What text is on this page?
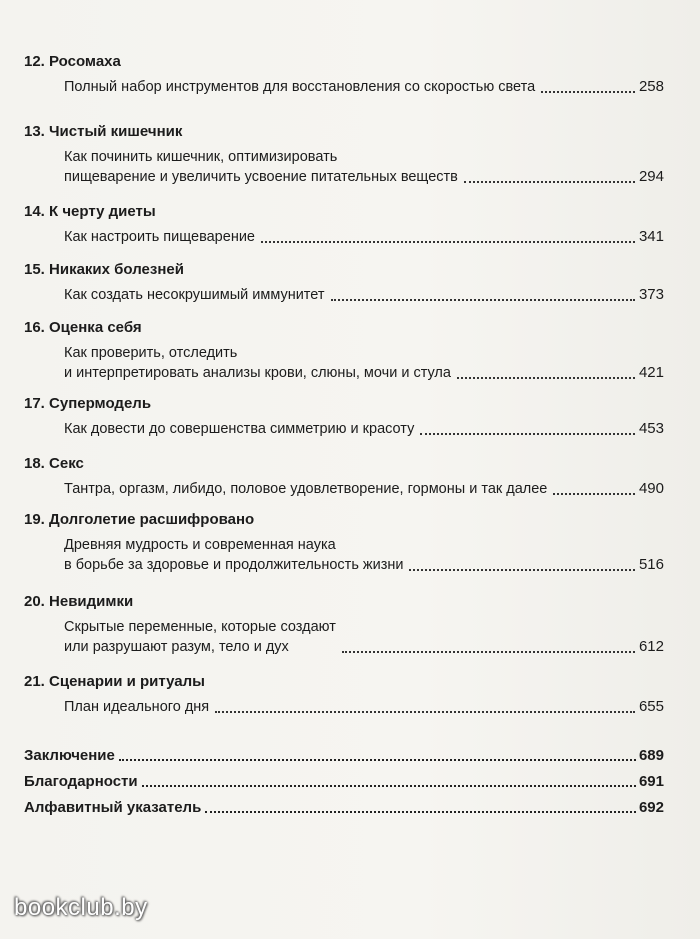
12. Росомаха

Полный набор инструментов для восстановления со скоростью света	258

13. Чистый кишечник

Как починить кишечник, оптимизировать
пищеварение и увеличить усвоение питательных веществ	294

14. К черту диеты

Как настроить пищеварение	341

15. Никаких болезней

Как создать несокрушимый иммунитет	373

16. Оценка себя

Как проверить, отследить
и интерпретировать анализы крови, слюны, мочи и стула	421

17. Супермодель

Как довести до совершенства симметрию и красоту	453

18. Секс

Тантра, оргазм, либидо, половое удовлетворение, гормоны и так далее	490

19. Долголетие расшифровано

Древняя мудрость и современная наука
в борьбе за здоровье и продолжительность жизни	516

20. Невидимки

Скрытые переменные, которые создают
или разрушают разум, тело и дух	612

21. Сценарии и ритуалы

План идеального дня	655
Заключение	689
Благодарности	691
Алфавитный указатель	692
bookclub.by
